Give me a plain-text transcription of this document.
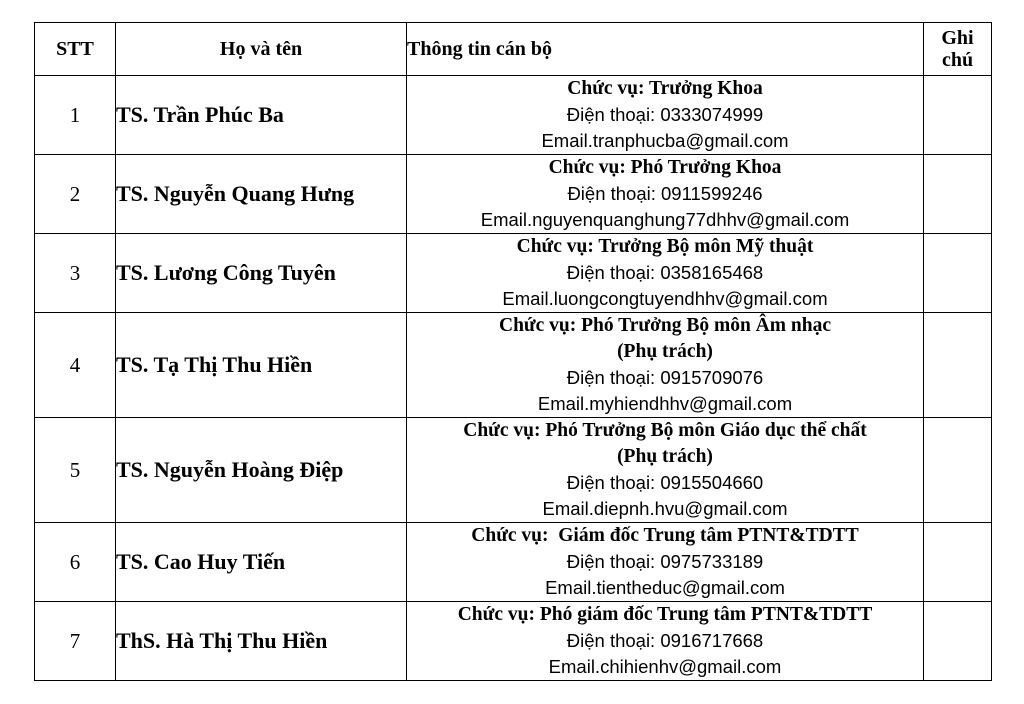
STT	Họ và tên	Thông tin cán bộ	Ghi
chú

1	TS. Trần Phúc Ba	Chức vụ: Trưởng Khoa
Điện thoại: 0333074999
Email.tranphucba@gmail.com	

2	TS. Nguyễn Quang Hưng	Chức vụ: Phó Trưởng Khoa
Điện thoại: 0911599246
Email.nguyenquanghung77dhhv@gmail.com	

3	TS. Lương Công Tuyên	Chức vụ: Trưởng Bộ môn Mỹ thuật
Điện thoại: 0358165468
Email.luongcongtuyendhhv@gmail.com	

4	TS. Tạ Thị Thu Hiền	Chức vụ: Phó Trưởng Bộ môn Âm nhạc
(Phụ trách)
Điện thoại: 0915709076
Email.myhiendhhv@gmail.com	

5	TS. Nguyễn Hoàng Điệp	Chức vụ: Phó Trưởng Bộ môn Giáo dục thể chất
(Phụ trách)
Điện thoại: 0915504660
Email.diepnh.hvu@gmail.com	

6	TS. Cao Huy Tiến	Chức vụ:  Giám đốc Trung tâm PTNT&TDTT
Điện thoại: 0975733189
Email.tientheduc@gmail.com	

7	ThS. Hà Thị Thu Hiền	Chức vụ: Phó giám đốc Trung tâm PTNT&TDTT
Điện thoại: 0916717668
Email.chihienhv@gmail.com	
